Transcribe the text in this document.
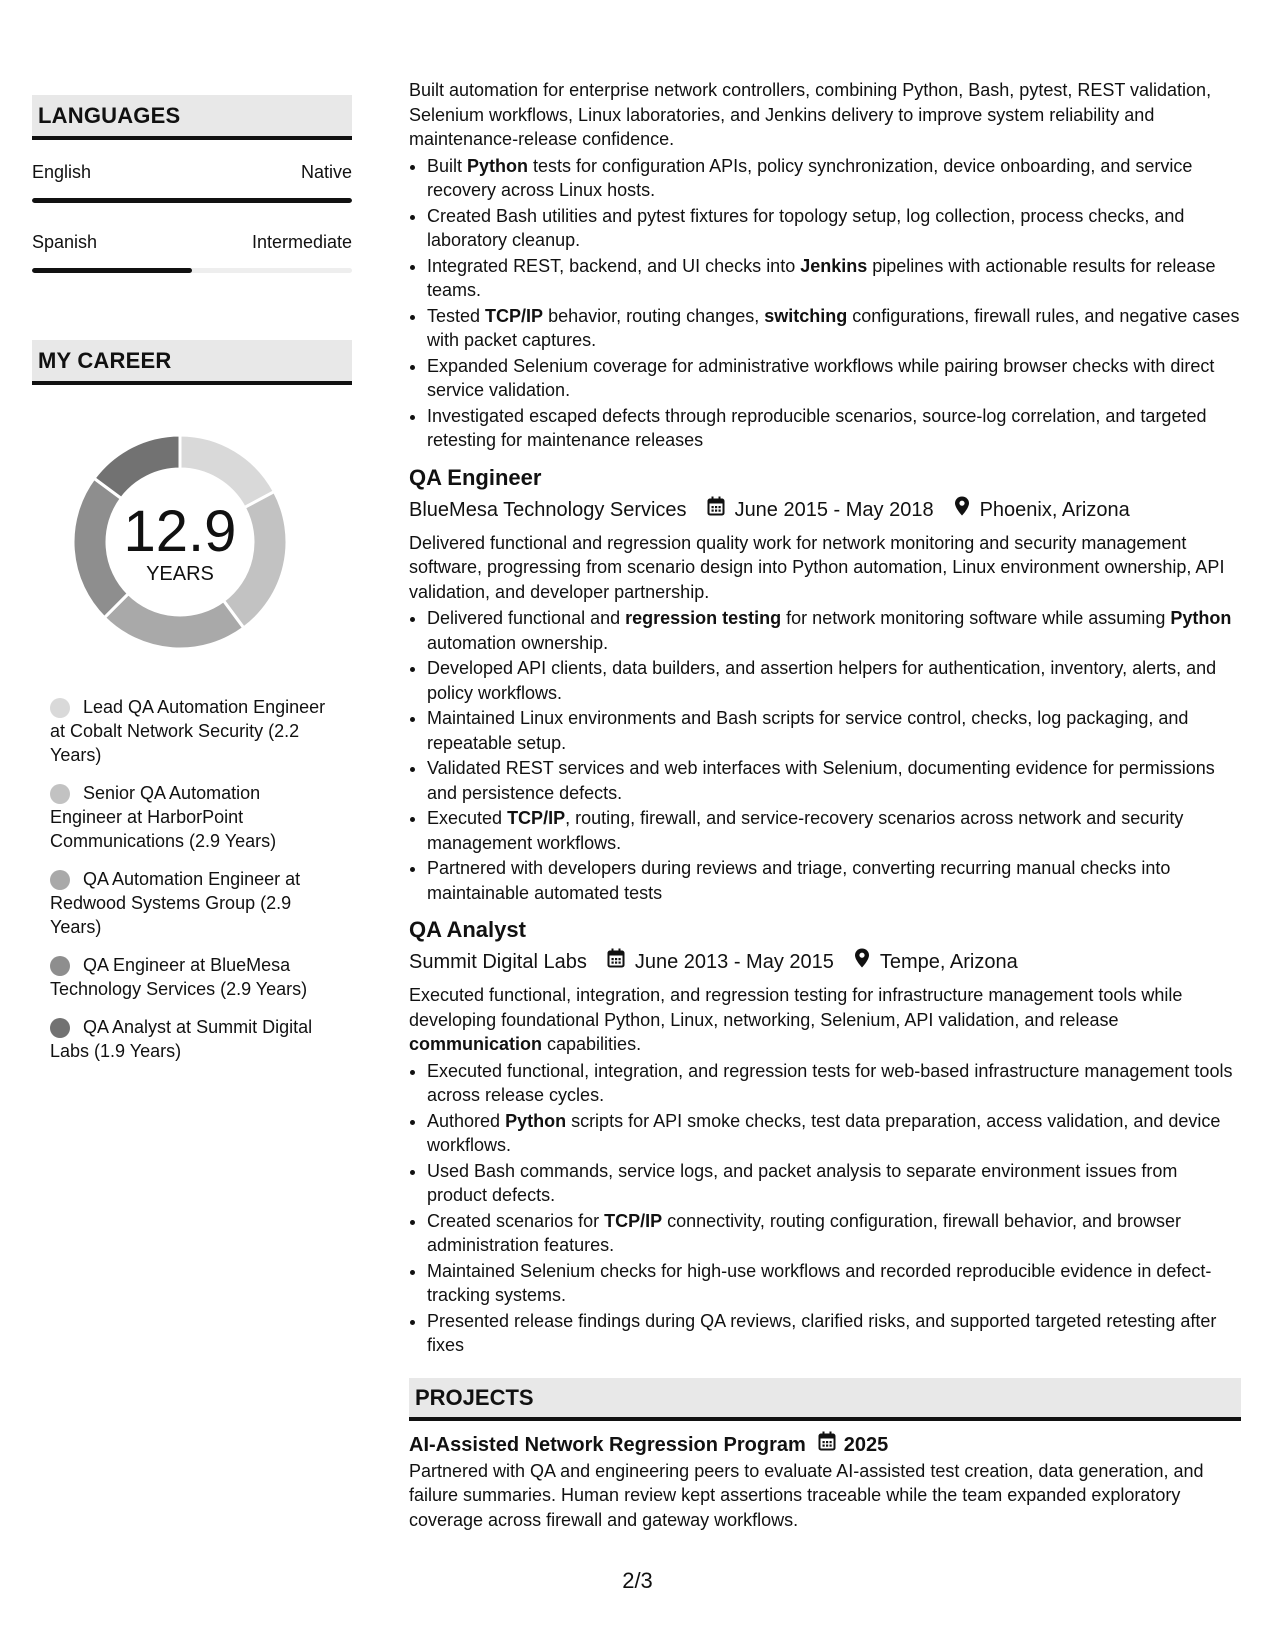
LANGUAGES
English	Native
Spanish	Intermediate
MY CAREER
12.9
YEARS
Lead QA Automation Engineer at Cobalt Network Security (2.2 Years)
Senior QA Automation Engineer at HarborPoint Communications (2.9 Years)
QA Automation Engineer at Redwood Systems Group (2.9 Years)
QA Engineer at BlueMesa Technology Services (2.9 Years)
QA Analyst at Summit Digital Labs (1.9 Years)

Built automation for enterprise network controllers, combining Python, Bash, pytest, REST validation, Selenium workflows, Linux laboratories, and Jenkins delivery to improve system reliability and maintenance-release confidence.

• Built Python tests for configuration APIs, policy synchronization, device onboarding, and service recovery across Linux hosts.
• Created Bash utilities and pytest fixtures for topology setup, log collection, process checks, and laboratory cleanup.
• Integrated REST, backend, and UI checks into Jenkins pipelines with actionable results for release teams.
• Tested TCP/IP behavior, routing changes, switching configurations, firewall rules, and negative cases with packet captures.
• Expanded Selenium coverage for administrative workflows while pairing browser checks with direct service validation.
• Investigated escaped defects through reproducible scenarios, source-log correlation, and targeted retesting for maintenance releases
QA Engineer
BlueMesa Technology Services June 2015 - May 2018 Phoenix, Arizona

Delivered functional and regression quality work for network monitoring and security management software, progressing from scenario design into Python automation, Linux environment ownership, API validation, and developer partnership.

• Delivered functional and regression testing for network monitoring software while assuming Python automation ownership.
• Developed API clients, data builders, and assertion helpers for authentication, inventory, alerts, and policy workflows.
• Maintained Linux environments and Bash scripts for service control, checks, log packaging, and repeatable setup.
• Validated REST services and web interfaces with Selenium, documenting evidence for permissions and persistence defects.
• Executed TCP/IP, routing, firewall, and service-recovery scenarios across network and security management workflows.
• Partnered with developers during reviews and triage, converting recurring manual checks into maintainable automated tests
QA Analyst
Summit Digital Labs June 2013 - May 2015 Tempe, Arizona

Executed functional, integration, and regression testing for infrastructure management tools while developing foundational Python, Linux, networking, Selenium, API validation, and release communication capabilities.

• Executed functional, integration, and regression tests for web-based infrastructure management tools across release cycles.
• Authored Python scripts for API smoke checks, test data preparation, access validation, and device workflows.
• Used Bash commands, service logs, and packet analysis to separate environment issues from product defects.
• Created scenarios for TCP/IP connectivity, routing configuration, firewall behavior, and browser administration features.
• Maintained Selenium checks for high-use workflows and recorded reproducible evidence in defect-tracking systems.
• Presented release findings during QA reviews, clarified risks, and supported targeted retesting after fixes
PROJECTS
AI-Assisted Network Regression Program 2025

Partnered with QA and engineering peers to evaluate AI-assisted test creation, data generation, and failure summaries. Human review kept assertions traceable while the team expanded exploratory coverage across firewall and gateway workflows.

2/3
